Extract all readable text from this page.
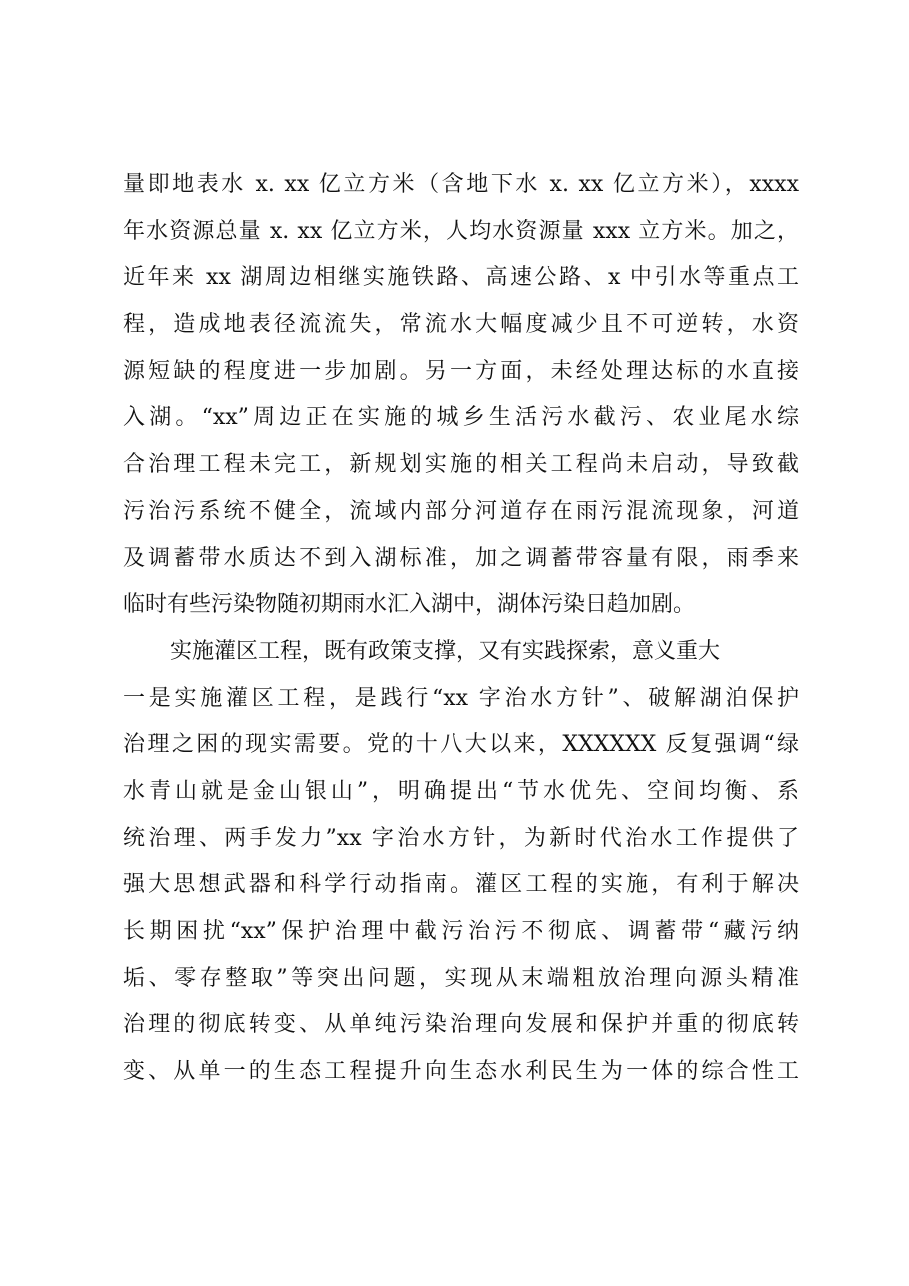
量即地表水 x. xx 亿立方米（含地下水 x. xx 亿立方米），xxxx
年水资源总量 x. xx 亿立方米，人均水资源量 xxx 立方米。加之，
近年来 xx 湖周边相继实施铁路、高速公路、x 中引水等重点工
程，造成地表径流流失，常流水大幅度减少且不可逆转，水资
源短缺的程度进一步加剧。另一方面，未经处理达标的水直接
入湖。“xx”周边正在实施的城乡生活污水截污、农业尾水综
合治理工程未完工，新规划实施的相关工程尚未启动，导致截
污治污系统不健全，流域内部分河道存在雨污混流现象，河道
及调蓄带水质达不到入湖标准，加之调蓄带容量有限，雨季来
临时有些污染物随初期雨水汇入湖中，湖体污染日趋加剧。
实施灌区工程，既有政策支撑，又有实践探索，意义重大
一是实施灌区工程，是践行“xx 字治水方针”、破解湖泊保护
治理之困的现实需要。党的十八大以来，XXXXXX 反复强调“绿
水青山就是金山银山”，明确提出“节水优先、空间均衡、系
统治理、两手发力”xx 字治水方针，为新时代治水工作提供了
强大思想武器和科学行动指南。灌区工程的实施，有利于解决
长期困扰“xx”保护治理中截污治污不彻底、调蓄带“藏污纳
垢、零存整取”等突出问题，实现从末端粗放治理向源头精准
治理的彻底转变、从单纯污染治理向发展和保护并重的彻底转
变、从单一的生态工程提升向生态水利民生为一体的综合性工
